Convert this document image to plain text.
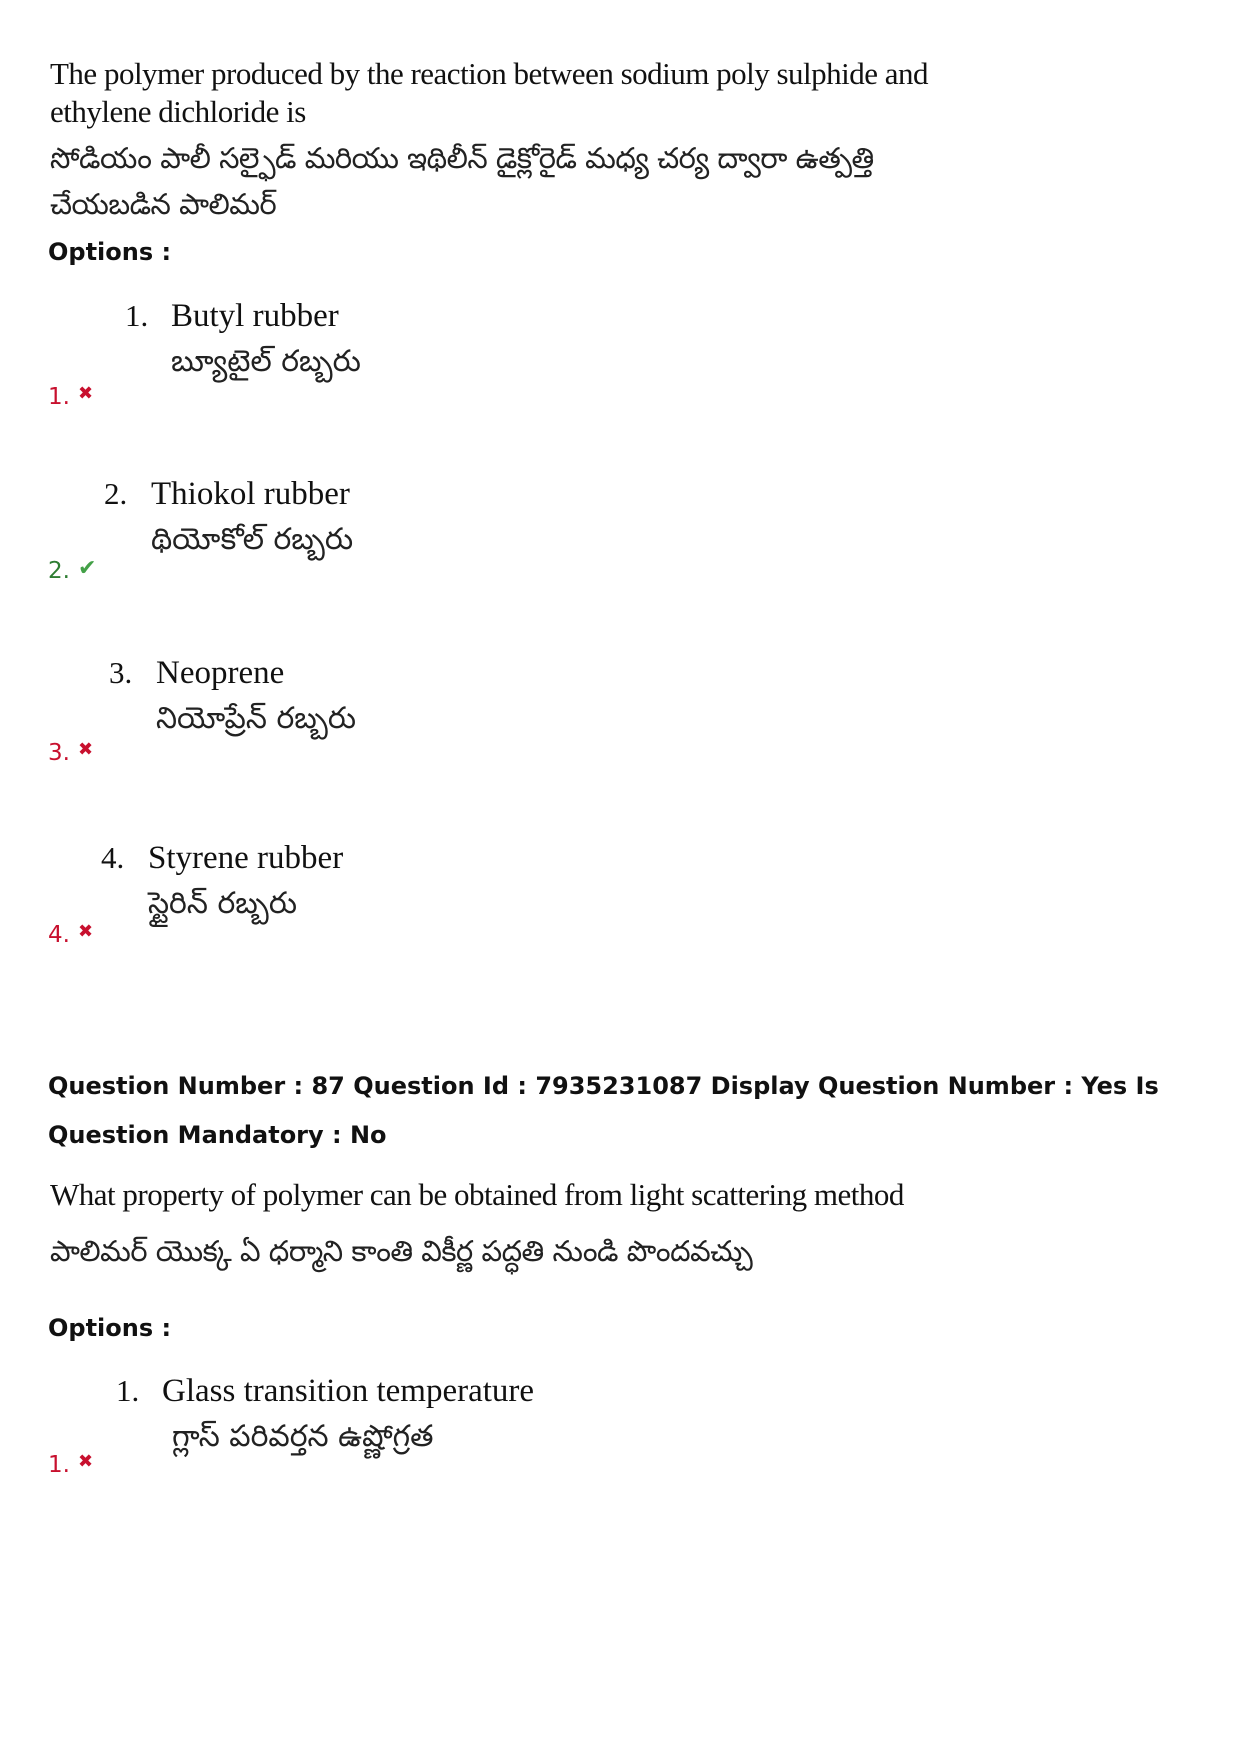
The polymer produced by the reaction between sodium poly sulphide and ethylene dichloride is
సోడియం పాలీ సల్ఫైడ్ మరియు ఇథిలీన్ డైక్లోరైడ్ మధ్య చర్య ద్వారా ఉత్పత్తి చేయబడిన పాలిమర్
Options :
1. Butyl rubber
బ్యూటైల్ రబ్బరు
1. ✖
2. Thiokol rubber
థియోకోల్ రబ్బరు
2. ✔
3. Neoprene
నియోప్రేన్ రబ్బరు
3. ✖
4. Styrene rubber
స్టైరిన్ రబ్బరు
4. ✖
Question Number : 87 Question Id : 7935231087 Display Question Number : Yes Is Question Mandatory : No
What property of polymer can be obtained from light scattering method
పాలిమర్ యొక్క ఏ ధర్మాని కాంతి వికీర్ణ పద్ధతి నుండి పొందవచ్చు
Options :
1. Glass transition temperature
గ్లాస్ పరివర్తన ఉష్ణోగ్రత
1. ✖
